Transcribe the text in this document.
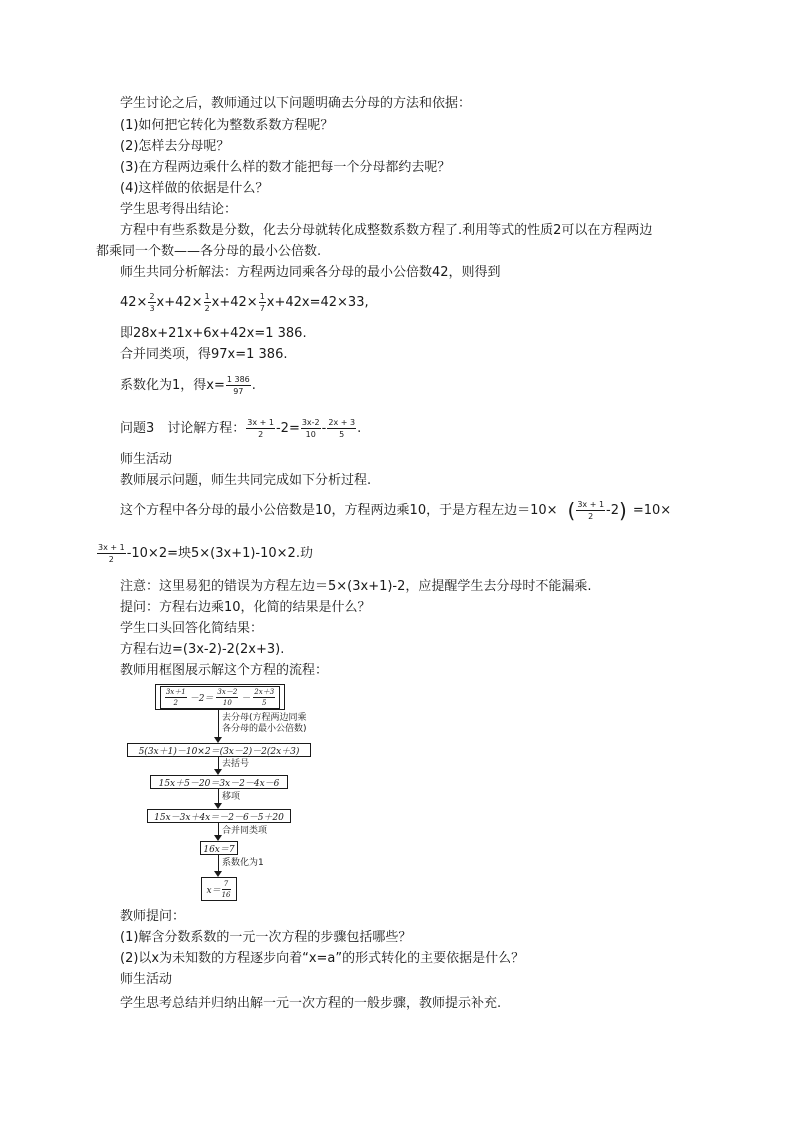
学生讨论之后，教师通过以下问题明确去分母的方法和依据：
(1)如何把它转化为整数系数方程呢？
(2)怎样去分母呢？
(3)在方程两边乘什么样的数才能把每一个分母都约去呢？
(4)这样做的依据是什么？
学生思考得出结论：
方程中有些系数是分数，化去分母就转化成整数系数方程了.利用等式的性质2可以在方程两边
都乘同一个数——各分母的最小公倍数.
师生共同分析解法：方程两边同乘各分母的最小公倍数42，则得到
$42\times \frac{2}{3} x+42\times \frac{1}{2} x+42\times \frac{1}{7} x+42x=42\times 33$,
即28x+21x+6x+42x=1 386.
合并同类项，得97x=1 386.
系数化为1，得$x= \frac{1 386}{97}$ .
问题3　讨论解方程： $\frac{3x + 1}{2} -2= \frac{3x-2}{10} - \frac{2x + 3}{5}$ .
师生活动
教师展示问题，师生共同完成如下分析过程.
这个方程中各分母的最小公倍数是10，方程两边乘10，于是方程左边＝10× ( $\frac{3x + 1}{2} -2) =10\times$
$\frac{3x + 1}{2} -10\times 2=$坱5×(3x+1)-10×2.玏
注意：这里易犯的错误为方程左边＝5×(3x+1)-2，应提醒学生去分母时不能漏乘.
提问：方程右边乘10，化简的结果是什么？
学生口头回答化简结果：
方程右边=(3x-2)-2(2x+3).
教师用框图展示解这个方程的流程：
$\frac{3x+1}{2} -2= \frac{3x-2}{10} - \frac{2x+3}{5}$
去分母(方程两边同乘
各分母的最小公倍数)
5(3x＋1)－10×2＝(3x－2)－2(2x＋3)
去括号
15x＋5－20＝3x－2－4x－6
移项
15x－3x＋4x＝－2－6－5＋20
合并同类项
16x＝7
系数化为1
$x= \frac{7}{16}$
教师提问：
(1)解含分数系数的一元一次方程的步骤包括哪些？
(2)以x为未知数的方程逐步向着“x=a”的形式转化的主要依据是什么？
师生活动
学生思考总结并归纳出解一元一次方程的一般步骤，教师提示补充.
